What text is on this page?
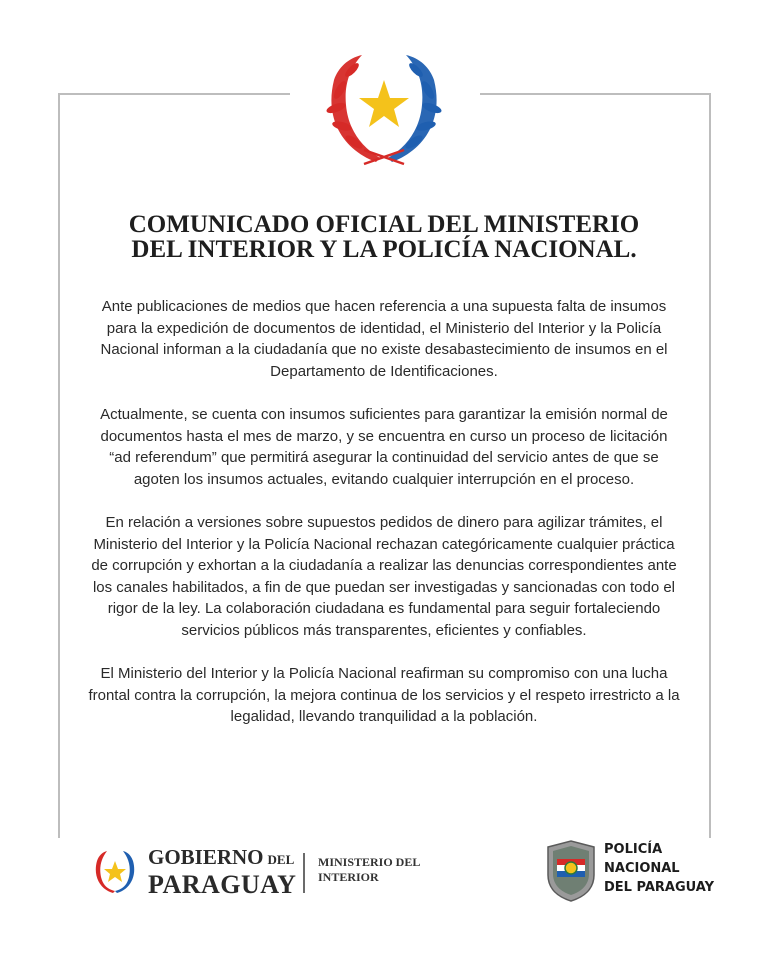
COMUNICADO OFICIAL DEL MINISTERIO
DEL INTERIOR Y LA POLICÍA NACIONAL.

Ante publicaciones de medios que hacen referencia a una supuesta falta de insumos para la expedición de documentos de identidad, el Ministerio del Interior y la Policía Nacional informan a la ciudadanía que no existe desabastecimiento de insumos en el Departamento de Identificaciones.

Actualmente, se cuenta con insumos suficientes para garantizar la emisión normal de documentos hasta el mes de marzo, y se encuentra en curso un proceso de licitación “ad referendum” que permitirá asegurar la continuidad del servicio antes de que se agoten los insumos actuales, evitando cualquier interrupción en el proceso.

En relación a versiones sobre supuestos pedidos de dinero para agilizar trámites, el Ministerio del Interior y la Policía Nacional rechazan categóricamente cualquier práctica de corrupción y exhortan a la ciudadanía a realizar las denuncias correspondientes ante los canales habilitados, a fin de que puedan ser investigadas y sancionadas con todo el rigor de la ley. La colaboración ciudadana es fundamental para seguir fortaleciendo servicios públicos más transparentes, eficientes y confiables.

El Ministerio del Interior y la Policía Nacional reafirman su compromiso con una lucha frontal contra la corrupción, la mejora continua de los servicios y el respeto irrestricto a la legalidad, llevando tranquilidad a la población.

GOBIERNO DEL
PARAGUAY
MINISTERIO DEL
INTERIOR
POLICÍA
NACIONAL
DEL PARAGUAY
